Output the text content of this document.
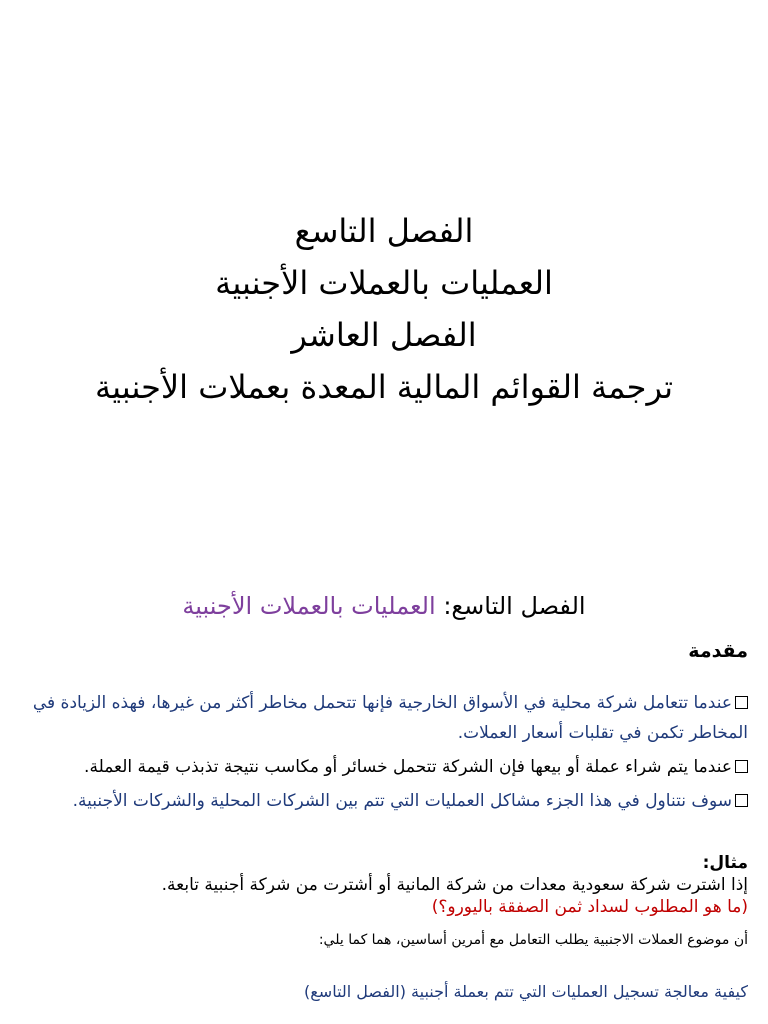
الفصل التاسع

العمليات بالعملات الأجنبية

الفصل العاشر

ترجمة القوائم المالية المعدة بعملات الأجنبية

الفصل التاسع: العمليات بالعملات الأجنبية
مقدمة

عندما تتعامل شركة محلية في الأسواق الخارجية فإنها تتحمل مخاطر أكثر من غيرها، فهذه الزيادة في المخاطر تكمن في تقلبات أسعار العملات.

عندما يتم شراء عملة أو بيعها فإن الشركة تتحمل خسائر أو مكاسب نتيجة تذبذب قيمة العملة.

سوف نتناول في هذا الجزء مشاكل العمليات التي تتم بين الشركات المحلية والشركات الأجنبية.

مثال:
إذا اشترت شركة سعودية معدات من شركة المانية أو أشترت من شركة أجنبية تابعة.
(ما هو المطلوب لسداد ثمن الصفقة باليورو؟)
أن موضوع العملات الاجنبية يطلب التعامل مع أمرين أساسين، هما كما يلي:
كيفية معالجة تسجيل العمليات التي تتم بعملة أجنبية (الفصل التاسع)
